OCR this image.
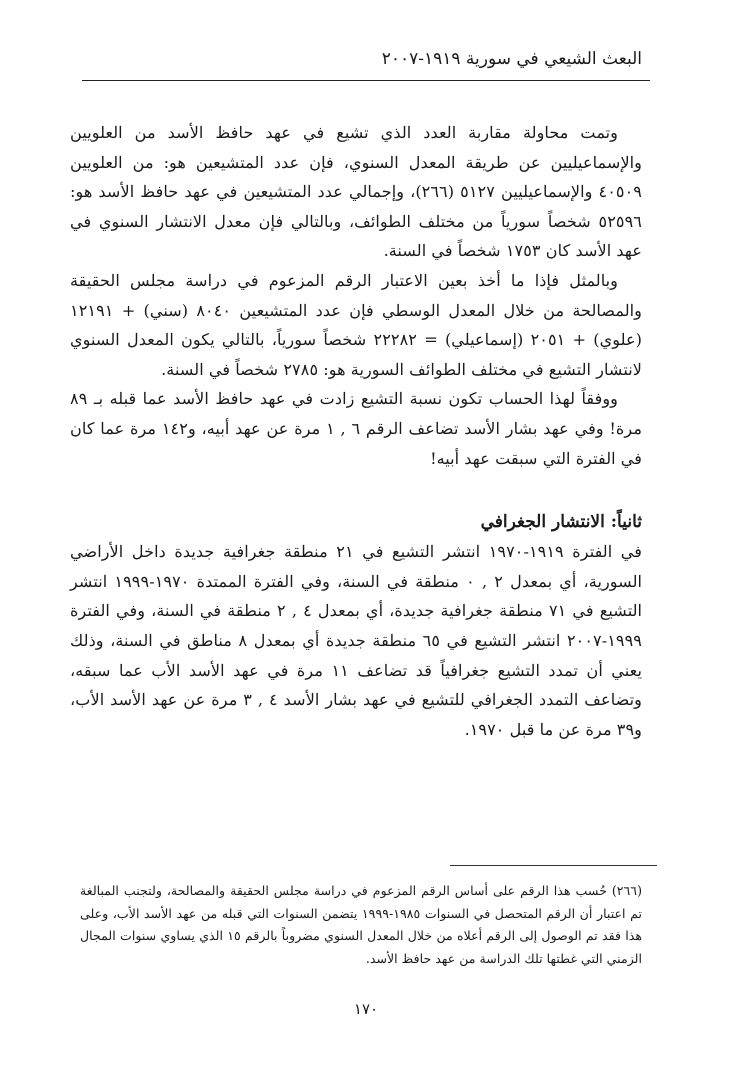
البعث الشيعي في سورية ١٩١٩-٢٠٠٧

وتمت محاولة مقاربة العدد الذي تشيع في عهد حافظ الأسد من العلويين والإسماعيليين عن طريقة المعدل السنوي، فإن عدد المتشيعين هو: من العلويين ٤٠٥٠٩ والإسماعيليين ٥١٢٧ (٢٦٦)، وإجمالي عدد المتشيعين في عهد حافظ الأسد هو: ٥٢٥٩٦ شخصاً سورياً من مختلف الطوائف، وبالتالي فإن معدل الانتشار السنوي في عهد الأسد كان ١٧٥٣ شخصاً في السنة.

وبالمثل فإذا ما أخذ بعين الاعتبار الرقم المزعوم في دراسة مجلس الحقيقة والمصالحة من خلال المعدل الوسطي فإن عدد المتشيعين ٨٠٤٠ (سني) + ١٢١٩١ (علوي) + ٢٠٥١ (إسماعيلي) = ٢٢٢٨٢ شخصاً سورياً، بالتالي يكون المعدل السنوي لانتشار التشيع في مختلف الطوائف السورية هو: ٢٧٨٥ شخصاً في السنة.

ووفقاً لهذا الحساب تكون نسبة التشيع زادت في عهد حافظ الأسد عما قبله بـ ٨٩ مرة! وفي عهد بشار الأسد تضاعف الرقم ٦ , ١ مرة عن عهد أبيه، و١٤٢ مرة عما كان في الفترة التي سبقت عهد أبيه!

ثانياً: الانتشار الجغرافي

في الفترة ١٩١٩-١٩٧٠ انتشر التشيع في ٢١ منطقة جغرافية جديدة داخل الأراضي السورية، أي بمعدل ٢ , ٠ منطقة في السنة، وفي الفترة الممتدة ١٩٧٠-١٩٩٩ انتشر التشيع في ٧١ منطقة جغرافية جديدة، أي بمعدل ٤ , ٢ منطقة في السنة، وفي الفترة ١٩٩٩-٢٠٠٧ انتشر التشيع في ٦٥ منطقة جديدة أي بمعدل ٨ مناطق في السنة، وذلك يعني أن تمدد التشيع جغرافياً قد تضاعف ١١ مرة في عهد الأسد الأب عما سبقه، وتضاعف التمدد الجغرافي للتشيع في عهد بشار الأسد ٤ , ٣ مرة عن عهد الأسد الأب، و٣٩ مرة عن ما قبل ١٩٧٠.

(٢٦٦) حُسب هذا الرقم على أساس الرقم المزعوم في دراسة مجلس الحقيقة والمصالحة، ولتجنب المبالغة تم اعتبار أن الرقم المتحصل في السنوات ١٩٨٥-١٩٩٩ يتضمن السنوات التي قبله من عهد الأسد الأب، وعلى هذا فقد تم الوصول إلى الرقم أعلاه من خلال المعدل السنوي مضروباً بالرقم ١٥ الذي يساوي سنوات المجال الزمني التي غطتها تلك الدراسة من عهد حافظ الأسد.

١٧٠
